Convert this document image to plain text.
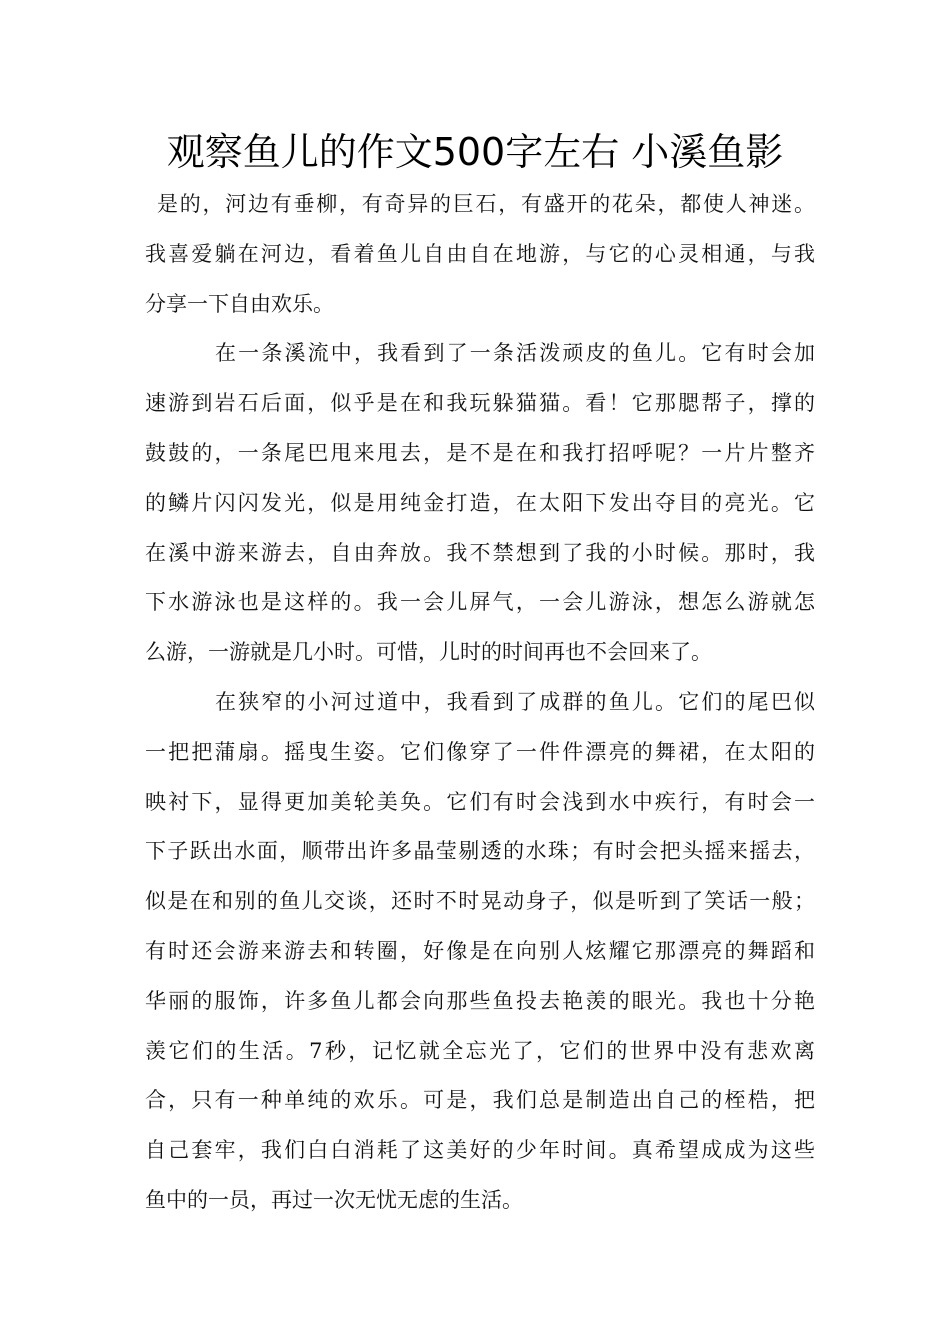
观察鱼儿的作文500字左右 小溪鱼影
是的，河边有垂柳，有奇异的巨石，有盛开的花朵，都使人神迷。
我喜爱躺在河边，看着鱼儿自由自在地游，与它的心灵相通，与我
分享一下自由欢乐。
在一条溪流中，我看到了一条活泼顽皮的鱼儿。它有时会加
速游到岩石后面，似乎是在和我玩躲猫猫。看！它那腮帮子，撑的
鼓鼓的，一条尾巴甩来甩去，是不是在和我打招呼呢？一片片整齐
的鳞片闪闪发光，似是用纯金打造，在太阳下发出夺目的亮光。它
在溪中游来游去，自由奔放。我不禁想到了我的小时候。那时，我
下水游泳也是这样的。我一会儿屏气，一会儿游泳，想怎么游就怎
么游，一游就是几小时。可惜，儿时的时间再也不会回来了。
在狭窄的小河过道中，我看到了成群的鱼儿。它们的尾巴似
一把把蒲扇。摇曳生姿。它们像穿了一件件漂亮的舞裙，在太阳的
映衬下，显得更加美轮美奂。它们有时会浅到水中疾行，有时会一
下子跃出水面，顺带出许多晶莹剔透的水珠；有时会把头摇来摇去，
似是在和别的鱼儿交谈，还时不时晃动身子，似是听到了笑话一般；
有时还会游来游去和转圈，好像是在向别人炫耀它那漂亮的舞蹈和
华丽的服饰，许多鱼儿都会向那些鱼投去艳羡的眼光。我也十分艳
羡它们的生活。7秒，记忆就全忘光了，它们的世界中没有悲欢离
合，只有一种单纯的欢乐。可是，我们总是制造出自己的桎梏，把
自己套牢，我们白白消耗了这美好的少年时间。真希望成成为这些
鱼中的一员，再过一次无忧无虑的生活。
